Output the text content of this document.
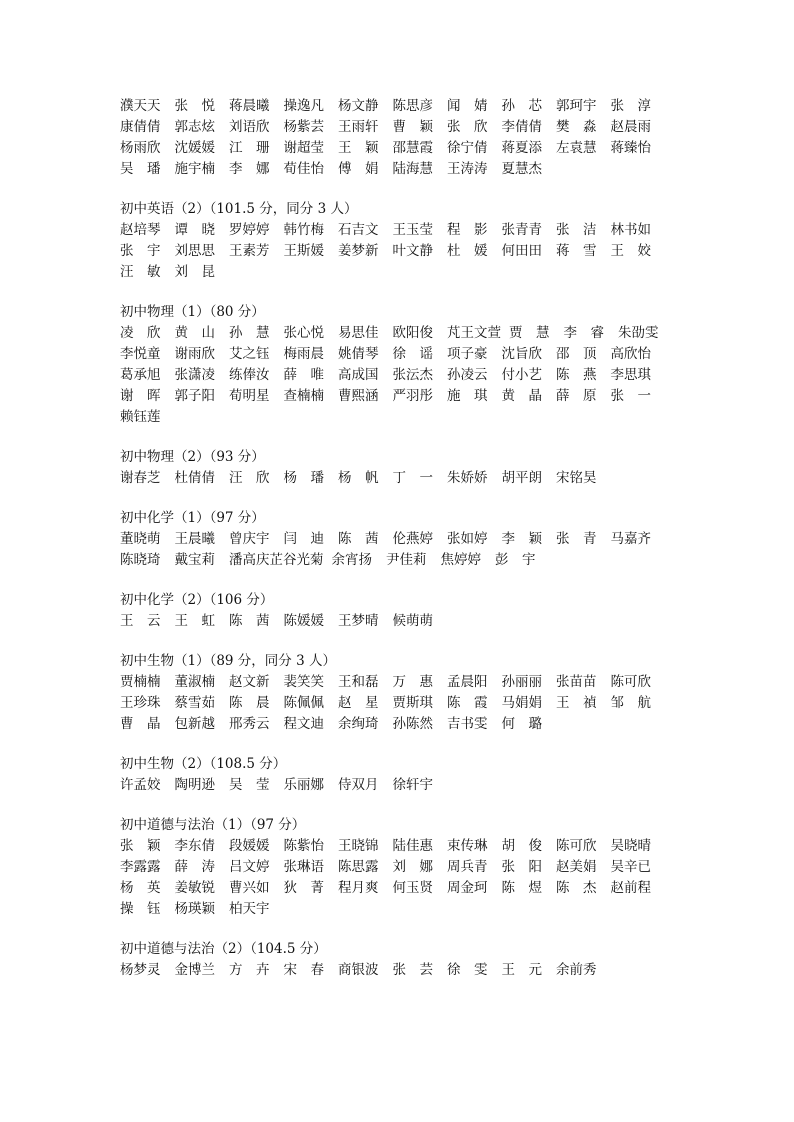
濮天天 张　悦 蒋晨曦 操逸凡 杨文静 陈思彦 闻　婧 孙　芯 郭珂宇 张　淳
康倩倩 郭志炫 刘语欣 杨紫芸 王雨轩 曹　颖 张　欣 李倩倩 樊　淼 赵晨雨
杨雨欣 沈媛媛 江　珊 谢超莹 王　颖 邵慧霞 徐宁倩 蒋夏添 左袁慧 蒋臻怡
吴　璠 施宇楠 李　娜 荀佳怡 傅　娟 陆海慧 王涛涛 夏慧杰
初中英语（2）（101.5 分，同分 3 人）
赵培琴 谭　晓 罗婷婷 韩竹梅 石吉文 王玉莹 程　影 张青青 张　洁 林书如
张　宇 刘思思 王素芳 王斯媛 姜梦新 叶文静 杜　媛 何田田 蒋　雪 王　姣
汪　敏 刘　昆
初中物理（1）（80 分）
凌　欣 黄　山 孙　慧 张心悦 易思佳 欧阳俊 芃王文萱 贾　慧 李　睿 朱劭雯
李悦童 谢雨欣 艾之钰 梅雨晨 姚倩琴 徐　谣 项子豪 沈旨欣 邵　顶 高欣怡
葛承旭 张潇凌 练俸汝 薛　唯 高成国 张沄杰 孙凌云 付小艺 陈　燕 李思琪
谢　晖 郭子阳 荀明星 查楠楠 曹熙涵 严羽彤 施　琪 黄　晶 薛　原 张　一
赖钰莲
初中物理（2）（93 分）
谢春芝 杜倩倩 汪　欣 杨　璠 杨　帆 丁　一 朱娇娇 胡平朗 宋铭昊
初中化学（1）（97 分）
董晓萌 王晨曦 曾庆宇 闫　迪 陈　茜 伦燕婷 张如婷 李　颖 张　青 马嘉齐
陈晓琦 戴宝莉 潘高庆芷谷光菊 余宵扬 尹佳莉 焦婷婷 彭　宇
初中化学（2）（106 分）
王　云 王　虹 陈　茜 陈媛媛 王梦晴 候萌萌
初中生物（1）（89 分，同分 3 人）
贾楠楠 董淑楠 赵文新 裴笑笑 王和磊 万　惠 孟晨阳 孙丽丽 张苗苗 陈可欣
王珍珠 蔡雪茹 陈　晨 陈佩佩 赵　星 贾斯琪 陈　霞 马娟娟 王　禎 邹　航
曹　晶 包新越 邢秀云 程文迪 余绚琦 孙陈然 吉书雯 何　璐
初中生物（2）（108.5 分）
许孟姣 陶明逊 吴　莹 乐丽娜 侍双月 徐轩宇
初中道德与法治（1）（97 分）
张　颖 李东倩 段媛媛 陈紫怡 王晓锦 陆佳惠 束传琳 胡　俊 陈可欣 吴晓晴
李露露 薛　涛 吕文婷 张琳语 陈思露 刘　娜 周兵青 张　阳 赵美娟 吴辛已
杨　英 姜敏锐 曹兴如 狄　菁 程月爽 何玉贤 周金珂 陈　煜 陈　杰 赵前程
操　钰 杨瑛颖 柏天宇
初中道德与法治（2）（104.5 分）
杨梦灵 金博兰 方　卉 宋　春 商银波 张　芸 徐　雯 王　元 余前秀
